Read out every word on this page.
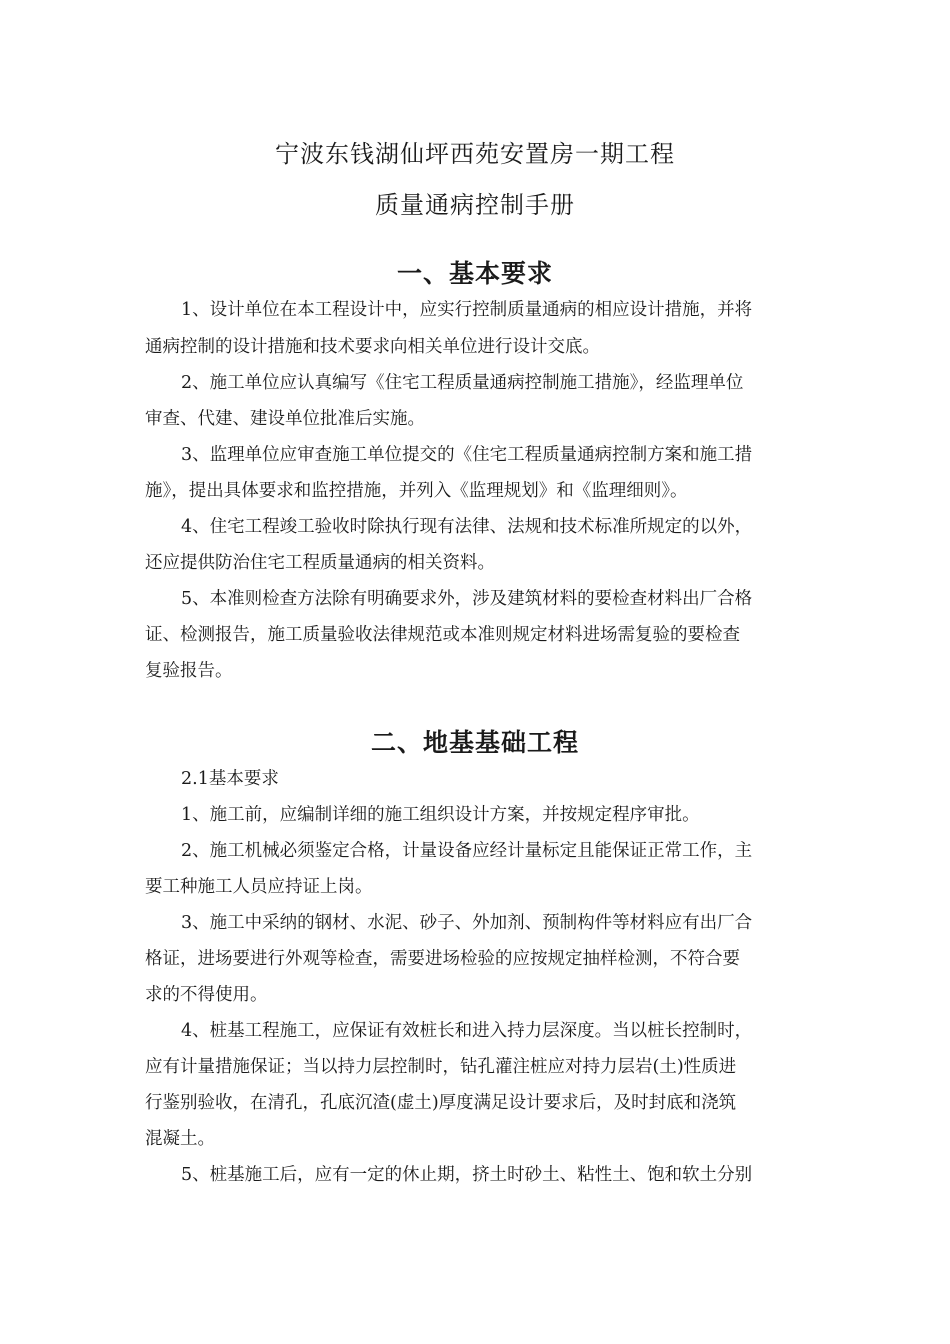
宁波东钱湖仙坪西苑安置房一期工程
质量通病控制手册
一、基本要求
1、设计单位在本工程设计中，应实行控制质量通病的相应设计措施，并将
通病控制的设计措施和技术要求向相关单位进行设计交底。
2、施工单位应认真编写《住宅工程质量通病控制施工措施》，经监理单位
审查、代建、建设单位批准后实施。
3、监理单位应审查施工单位提交的《住宅工程质量通病控制方案和施工措
施》，提出具体要求和监控措施，并列入《监理规划》和《监理细则》。
4、住宅工程竣工验收时除执行现有法律、法规和技术标准所规定的以外，
还应提供防治住宅工程质量通病的相关资料。
5、本准则检查方法除有明确要求外，涉及建筑材料的要检查材料出厂合格
证、检测报告，施工质量验收法律规范或本准则规定材料进场需复验的要检查
复验报告。
二、地基基础工程
2.1基本要求
1、施工前，应编制详细的施工组织设计方案，并按规定程序审批。
2、施工机械必须鉴定合格，计量设备应经计量标定且能保证正常工作，主
要工种施工人员应持证上岗。
3、施工中采纳的钢材、水泥、砂子、外加剂、预制构件等材料应有出厂合
格证，进场要进行外观等检查，需要进场检验的应按规定抽样检测，不符合要
求的不得使用。
4、桩基工程施工，应保证有效桩长和进入持力层深度。当以桩长控制时，
应有计量措施保证；当以持力层控制时，钻孔灌注桩应对持力层岩(土)性质进
行鉴别验收，在清孔，孔底沉渣(虚土)厚度满足设计要求后，及时封底和浇筑
混凝土。
5、桩基施工后，应有一定的休止期，挤土时砂土、粘性土、饱和软土分别
